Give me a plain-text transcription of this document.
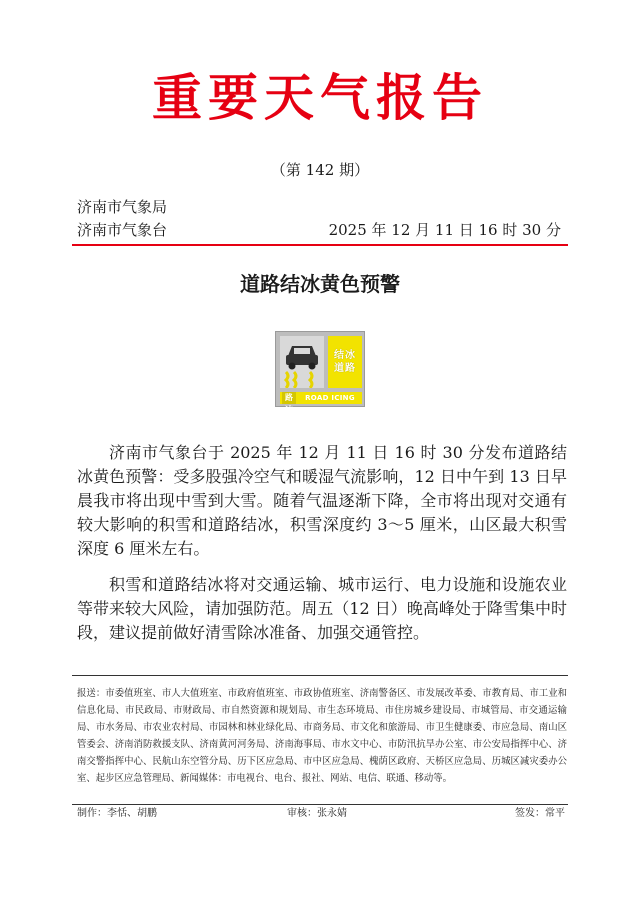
重要天气报告
（第 142 期）
济南市气象局
济南市气象台	2025 年 12 月 11 日 16 时 30 分
道路结冰黄色预警
结冰
道路
路冰
ROAD ICING

济南市气象台于 2025 年 12 月 11 日 16 时 30 分发布道路结冰黄色预警：受多股强冷空气和暖湿气流影响，12 日中午到 13 日早晨我市将出现中雪到大雪。随着气温逐渐下降，全市将出现对交通有较大影响的积雪和道路结冰，积雪深度约 3～5 厘米，山区最大积雪深度 6 厘米左右。

积雪和道路结冰将对交通运输、城市运行、电力设施和设施农业等带来较大风险，请加强防范。周五（12 日）晚高峰处于降雪集中时段，建议提前做好清雪除冰准备、加强交通管控。

报送：市委值班室、市人大值班室、市政府值班室、市政协值班室、济南警备区、市发展改革委、市教育局、市工业和信息化局、市民政局、市财政局、市自然资源和规划局、市生态环境局、市住房城乡建设局、市城管局、市交通运输局、市水务局、市农业农村局、市园林和林业绿化局、市商务局、市文化和旅游局、市卫生健康委、市应急局、南山区管委会、济南消防救援支队、济南黄河河务局、济南海事局、市水文中心、市防汛抗旱办公室、市公安局指挥中心、济南交警指挥中心、民航山东空管分局、历下区应急局、市中区应急局、槐荫区政府、天桥区应急局、历城区减灾委办公室、起步区应急管理局、新闻媒体：市电视台、电台、报社、网站、电信、联通、移动等。

制作：李恬、胡鹏	审核：张永婧	签发：常平
